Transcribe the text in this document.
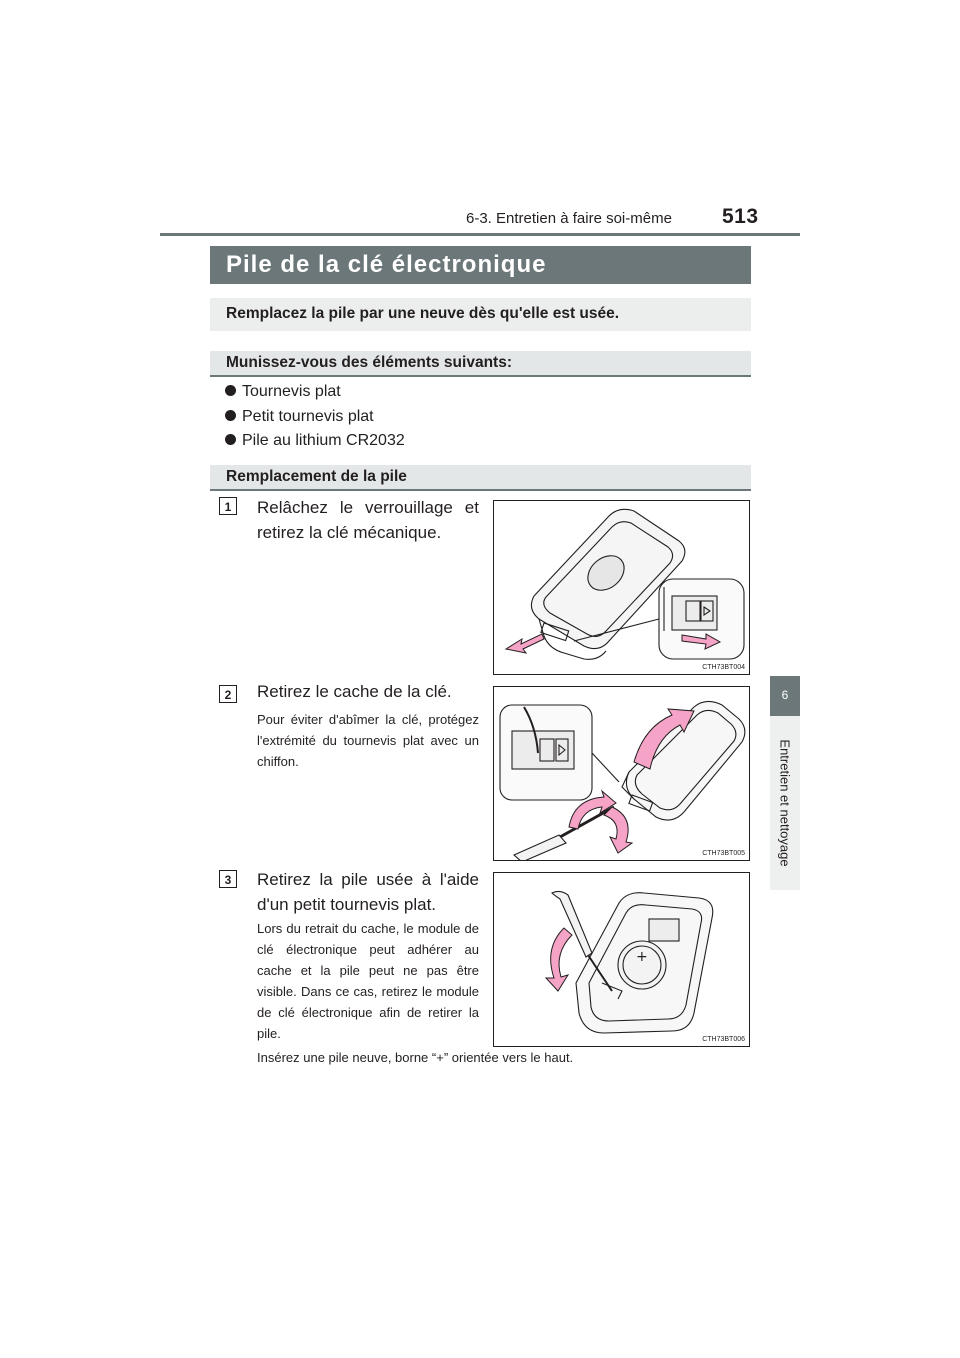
6-3. Entretien à faire soi-même 513
6
Entretien et nettoyage
Pile de la clé électronique
Remplacez la pile par une neuve dès qu'elle est usée.
Munissez-vous des éléments suivants:
Tournevis plat
Petit tournevis plat
Pile au lithium CR2032
Remplacement de la pile
1	Relâchez le verrouillage et retirez la clé mécanique.
CTH73BT004
2	Retirez le cache de la clé.
Pour éviter d'abîmer la clé, protégez l'extrémité du tournevis plat avec un chiffon.
CTH73BT005
3	Retirez la pile usée à l'aide d'un petit tournevis plat.
Lors du retrait du cache, le module de clé électronique peut adhérer au cache et la pile peut ne pas être visible. Dans ce cas, retirez le module de clé électronique afin de retirer la pile.
+
CTH73BT006
Insérez une pile neuve, borne “+” orientée vers le haut.
